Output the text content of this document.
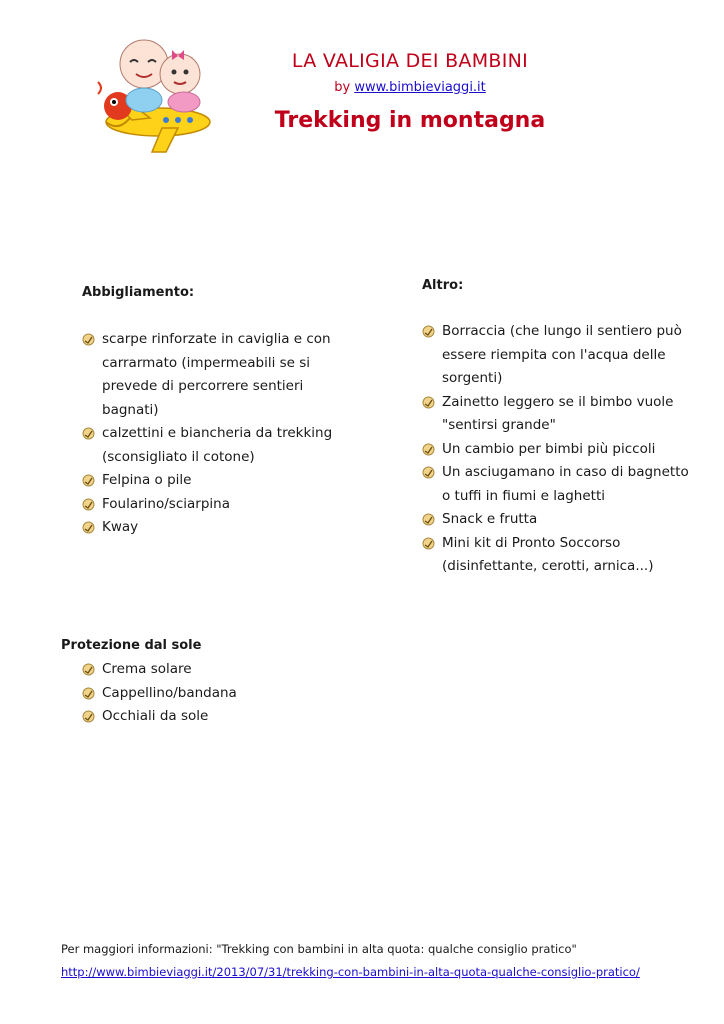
LA VALIGIA DEI BAMBINI
by www.bimbieviaggi.it
Trekking in montagna
Abbigliamento:
scarpe rinforzate in caviglia e con carrarmato (impermeabili se si prevede di percorrere sentieri bagnati)
calzettini e biancheria da trekking (sconsigliato il cotone)
Felpina o pile
Foularino/sciarpina
Kway
Altro:
Borraccia (che lungo il sentiero può essere riempita con l'acqua delle sorgenti)
Zainetto leggero se il bimbo vuole "sentirsi grande"
Un cambio per bimbi più piccoli
Un asciugamano in caso di bagnetto o tuffi in fiumi e laghetti
Snack e frutta
Mini kit di Pronto Soccorso (disinfettante, cerotti, arnica...)
Protezione dal sole
Crema solare
Cappellino/bandana
Occhiali da sole
Per maggiori informazioni: "Trekking con bambini in alta quota: qualche consiglio pratico"
http://www.bimbieviaggi.it/2013/07/31/trekking-con-bambini-in-alta-quota-qualche-consiglio-pratico/
